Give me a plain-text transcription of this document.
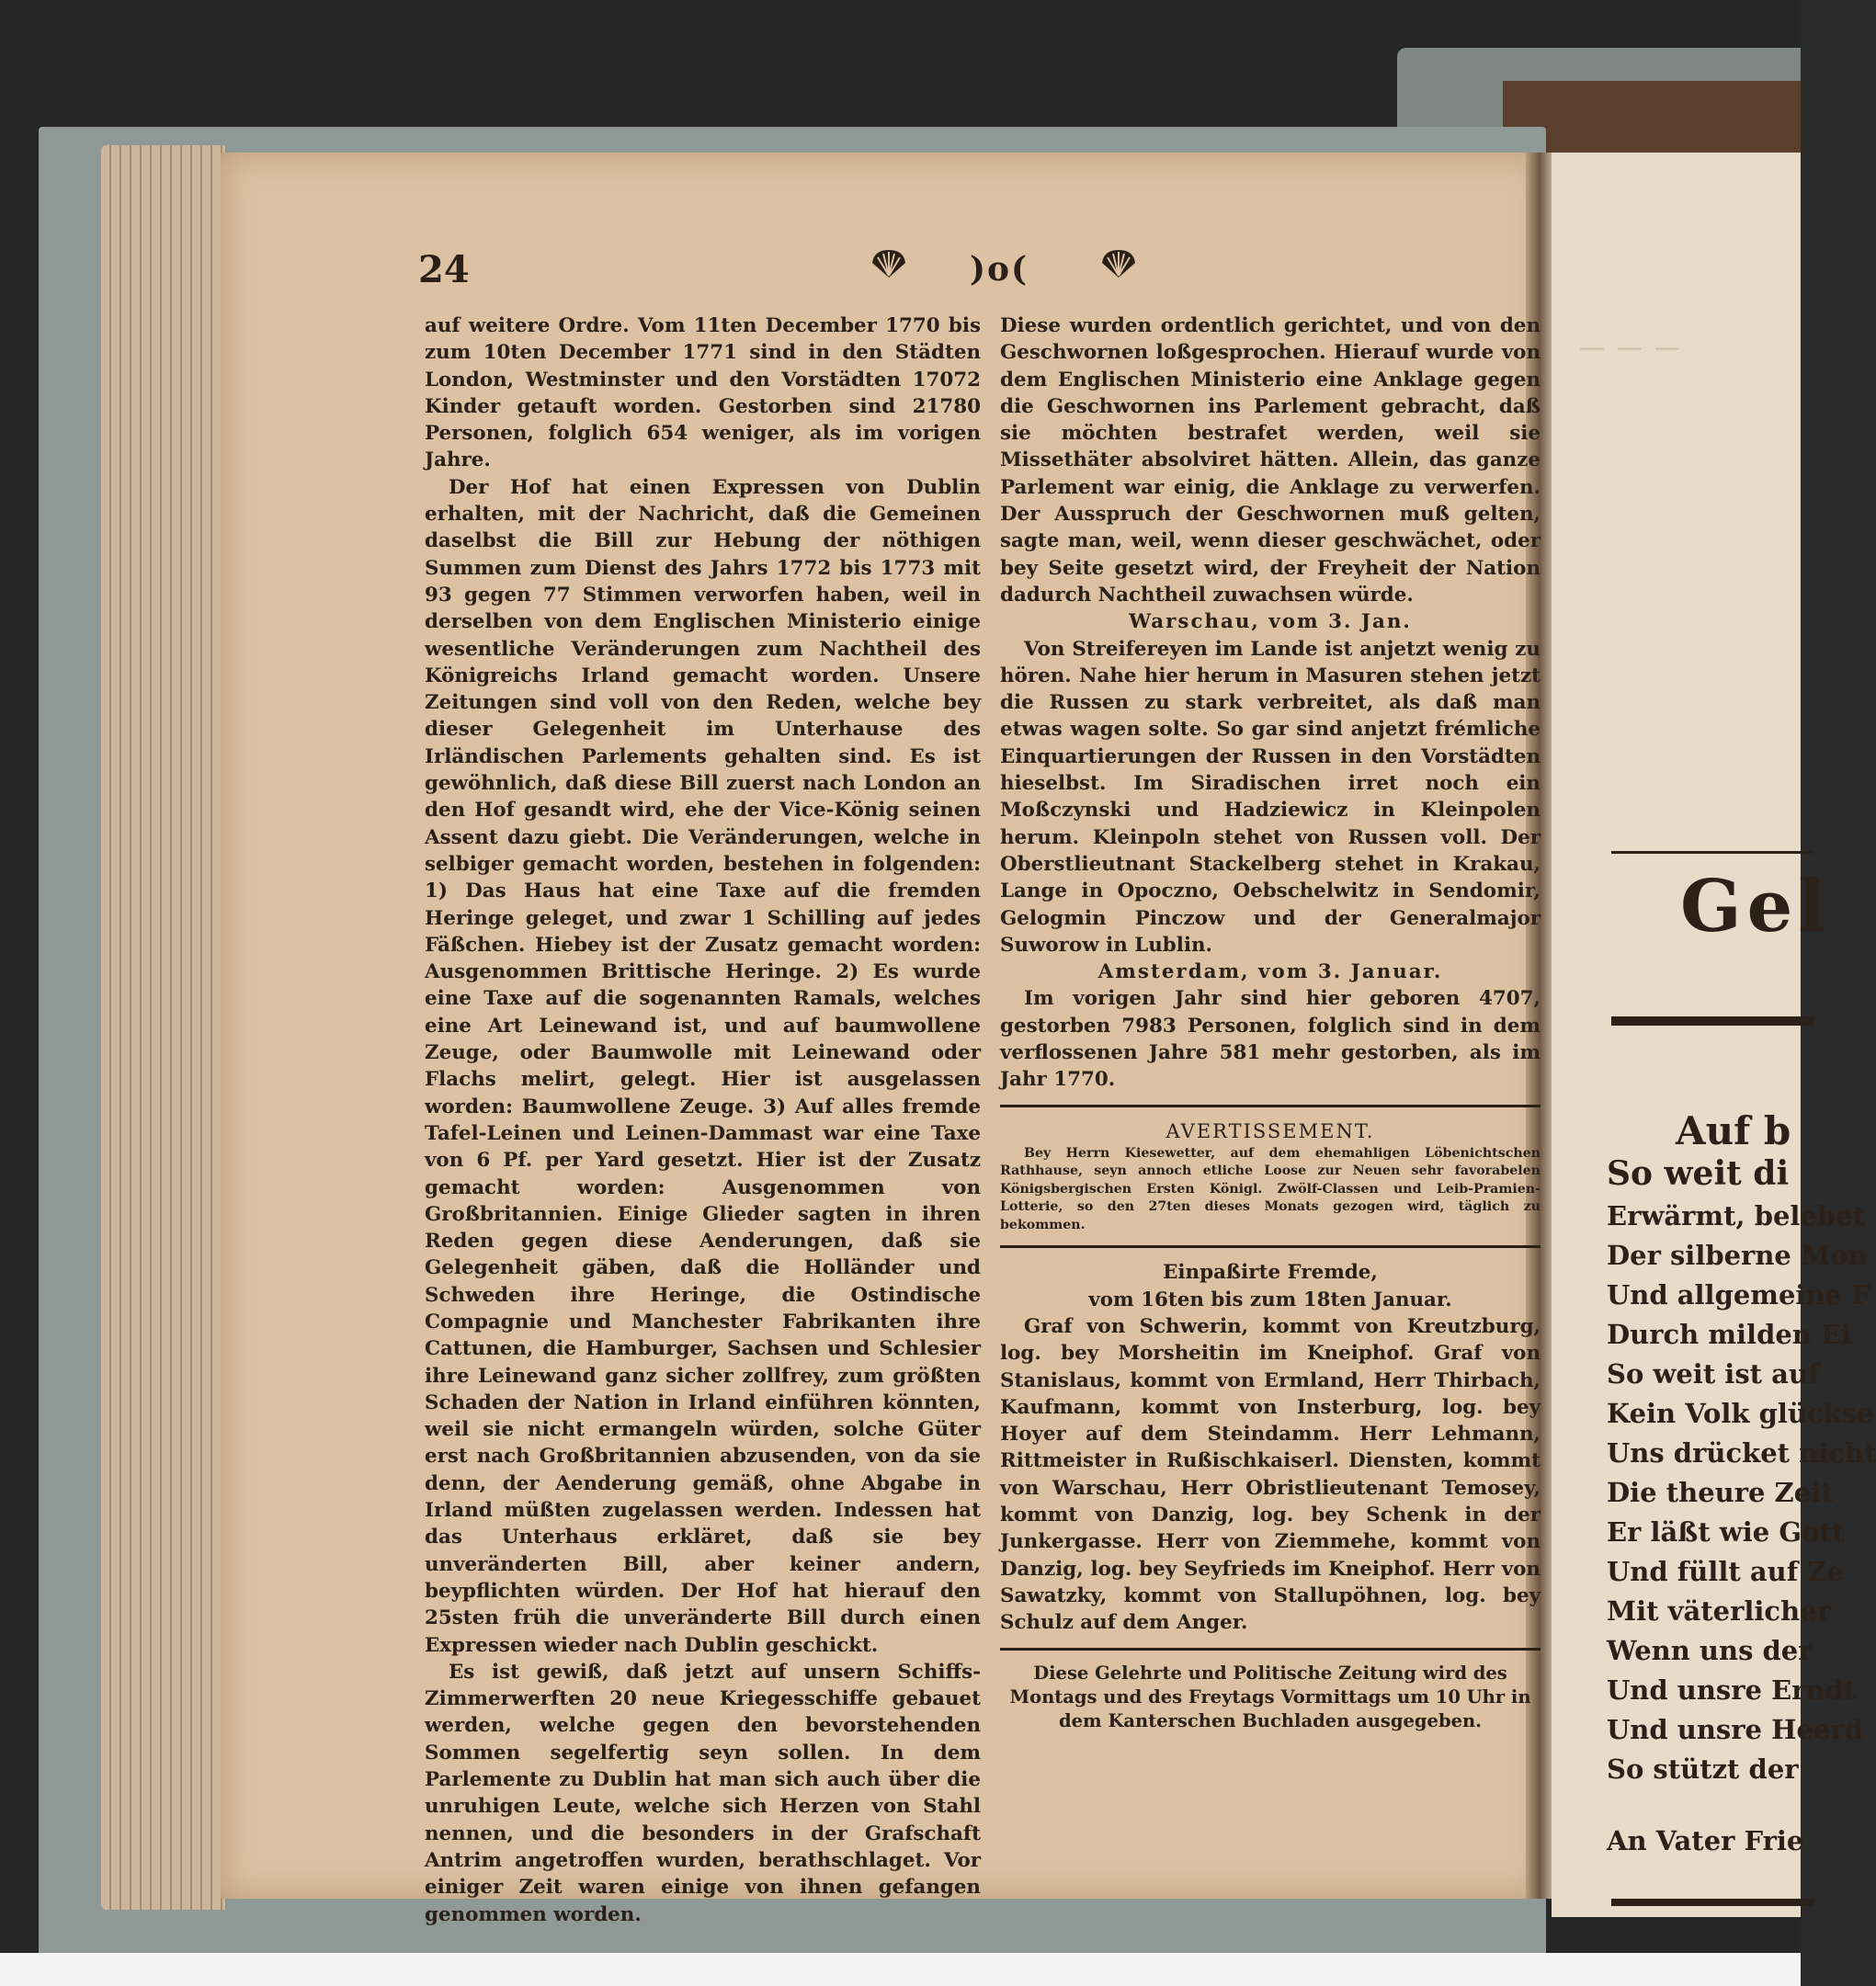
— — —
Gel
Auf b
So weit di
Erwärmt, belebet
Der silberne Mon
Und allgemeine F
Durch milden Ei
So weit ist auf
Kein Volk glückse
Uns drücket nicht
Die theure Zeit
Er läßt wie Gott
Und füllt auf Ze
Mit väterlicher
Wenn uns der
Und unsre Erndt
Und unsre Heerd
So stützt der
An Vater Frie
24	)o(

auf weitere Ordre. Vom 11ten December 1770 bis zum 10ten December 1771 sind in den Städten London, Westminster und den Vorstädten 17072 Kinder getauft worden. Gestorben sind 21780 Personen, folglich 654 weniger, als im vorigen Jahre.

Der Hof hat einen Expressen von Dublin erhalten, mit der Nachricht, daß die Gemeinen daselbst die Bill zur Hebung der nöthigen Summen zum Dienst des Jahrs 1772 bis 1773 mit 93 gegen 77 Stimmen verworfen haben, weil in derselben von dem Englischen Ministerio einige wesentliche Veränderungen zum Nachtheil des Königreichs Irland gemacht worden. Unsere Zeitungen sind voll von den Reden, welche bey dieser Gelegenheit im Unterhause des Irländischen Parlements gehalten sind. Es ist gewöhnlich, daß diese Bill zuerst nach London an den Hof gesandt wird, ehe der Vice-König seinen Assent dazu giebt. Die Veränderungen, welche in selbiger gemacht worden, bestehen in folgenden: 1) Das Haus hat eine Taxe auf die fremden Heringe geleget, und zwar 1 Schilling auf jedes Fäßchen. Hiebey ist der Zusatz gemacht worden: Ausgenommen Brittische Heringe. 2) Es wurde eine Taxe auf die sogenannten Ramals, welches eine Art Leinewand ist, und auf baumwollene Zeuge, oder Baumwolle mit Leinewand oder Flachs melirt, gelegt. Hier ist ausgelassen worden: Baumwollene Zeuge. 3) Auf alles fremde Tafel-Leinen und Leinen-Dammast war eine Taxe von 6 Pf. per Yard gesetzt. Hier ist der Zusatz gemacht worden: Ausgenommen von Großbritannien. Einige Glieder sagten in ihren Reden gegen diese Aenderungen, daß sie Gelegenheit gäben, daß die Holländer und Schweden ihre Heringe, die Ostindische Compagnie und Manchester Fabrikanten ihre Cattunen, die Hamburger, Sachsen und Schlesier ihre Leinewand ganz sicher zollfrey, zum größten Schaden der Nation in Irland einführen könnten, weil sie nicht ermangeln würden, solche Güter erst nach Großbritannien abzusenden, von da sie denn, der Aenderung gemäß, ohne Abgabe in Irland müßten zugelassen werden. Indessen hat das Unterhaus erkläret, daß sie bey unveränderten Bill, aber keiner andern, beypflichten würden. Der Hof hat hierauf den 25sten früh die unveränderte Bill durch einen Expressen wieder nach Dublin geschickt.

Es ist gewiß, daß jetzt auf unsern Schiffs-Zimmerwerften 20 neue Kriegesschiffe gebauet werden, welche gegen den bevorstehenden Sommen segelfertig seyn sollen. In dem Parlemente zu Dublin hat man sich auch über die unruhigen Leute, welche sich Herzen von Stahl nennen, und die besonders in der Grafschaft Antrim angetroffen wurden, berathschlaget. Vor einiger Zeit waren einige von ihnen gefangen genommen worden.

Diese wurden ordentlich gerichtet, und von den Geschwornen loßgesprochen. Hierauf wurde von dem Englischen Ministerio eine Anklage gegen die Geschwornen ins Parlement gebracht, daß sie möchten bestrafet werden, weil sie Missethäter absolviret hätten. Allein, das ganze Parlement war einig, die Anklage zu verwerfen. Der Ausspruch der Geschwornen muß gelten, sagte man, weil, wenn dieser geschwächet, oder bey Seite gesetzt wird, der Freyheit der Nation dadurch Nachtheil zuwachsen würde.

Warschau, vom 3. Jan.

Von Streifereyen im Lande ist anjetzt wenig zu hören. Nahe hier herum in Masuren stehen jetzt die Russen zu stark verbreitet, als daß man etwas wagen solte. So gar sind anjetzt frémliche Einquartierungen der Russen in den Vorstädten hieselbst. Im Siradischen irret noch ein Moßczynski und Hadziewicz in Kleinpolen herum. Kleinpoln stehet von Russen voll. Der Oberstlieutnant Stackelberg stehet in Krakau, Lange in Opoczno, Oebschelwitz in Sendomir, Gelogmin Pinczow und der Generalmajor Suworow in Lublin.

Amsterdam, vom 3. Januar.

Im vorigen Jahr sind hier geboren 4707, gestorben 7983 Personen, folglich sind in dem verflossenen Jahre 581 mehr gestorben, als im Jahr 1770.

AVERTISSEMENT.

Bey Herrn Kiesewetter, auf dem ehemahligen Löbenichtschen Rathhause, seyn annoch etliche Loose zur Neuen sehr favorabelen Königsbergischen Ersten Königl. Zwölf-Classen und Leib-Pramien-Lotterie, so den 27ten dieses Monats gezogen wird, täglich zu bekommen.

Einpaßirte Fremde,

vom 16ten bis zum 18ten Januar.

Graf von Schwerin, kommt von Kreutzburg, log. bey Morsheitin im Kneiphof. Graf von Stanislaus, kommt von Ermland, Herr Thirbach, Kaufmann, kommt von Insterburg, log. bey Hoyer auf dem Steindamm. Herr Lehmann, Rittmeister in Rußischkaiserl. Diensten, kommt von Warschau, Herr Obristlieutenant Temosey, kommt von Danzig, log. bey Schenk in der Junkergasse. Herr von Ziemmehe, kommt von Danzig, log. bey Seyfrieds im Kneiphof. Herr von Sawatzky, kommt von Stallupöhnen, log. bey Schulz auf dem Anger.

Diese Gelehrte und Politische Zeitung wird des Montags und des Freytags Vormittags um 10 Uhr in dem Kanterschen Buchladen ausgegeben.
